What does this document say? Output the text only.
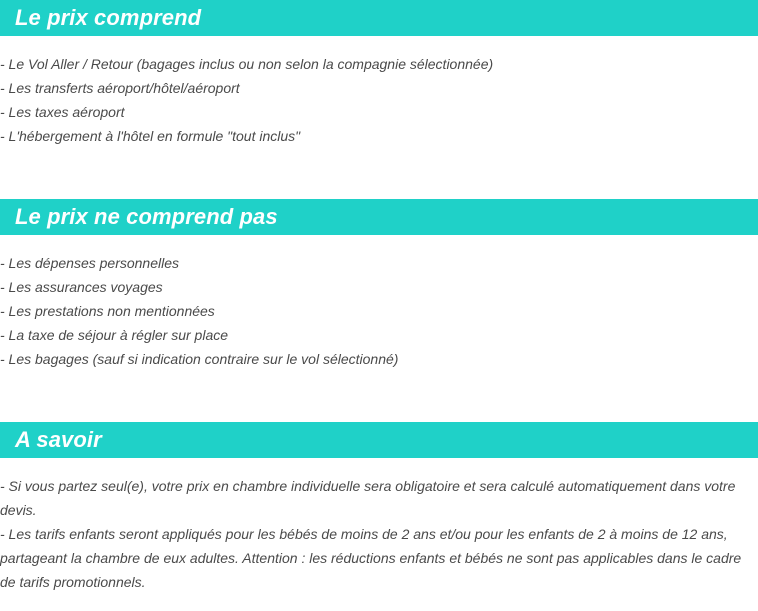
Le prix comprend
- Le Vol Aller / Retour (bagages inclus ou non selon la compagnie sélectionnée)
- Les transferts aéroport/hôtel/aéroport
- Les taxes aéroport
- L'hébergement à l'hôtel en formule "tout inclus"
Le prix ne comprend pas
- Les dépenses personnelles
- Les assurances voyages
- Les prestations non mentionnées
- La taxe de séjour à régler sur place
- Les bagages (sauf si indication contraire sur le vol sélectionné)
A savoir

- Si vous partez seul(e), votre prix en chambre individuelle sera obligatoire et sera calculé automatiquement dans votre devis.

- Les tarifs enfants seront appliqués pour les bébés de moins de 2 ans et/ou pour les enfants de 2 à moins de 12 ans, partageant la chambre de eux adultes. Attention : les réductions enfants et bébés ne sont pas applicables dans le cadre de tarifs promotionnels.
